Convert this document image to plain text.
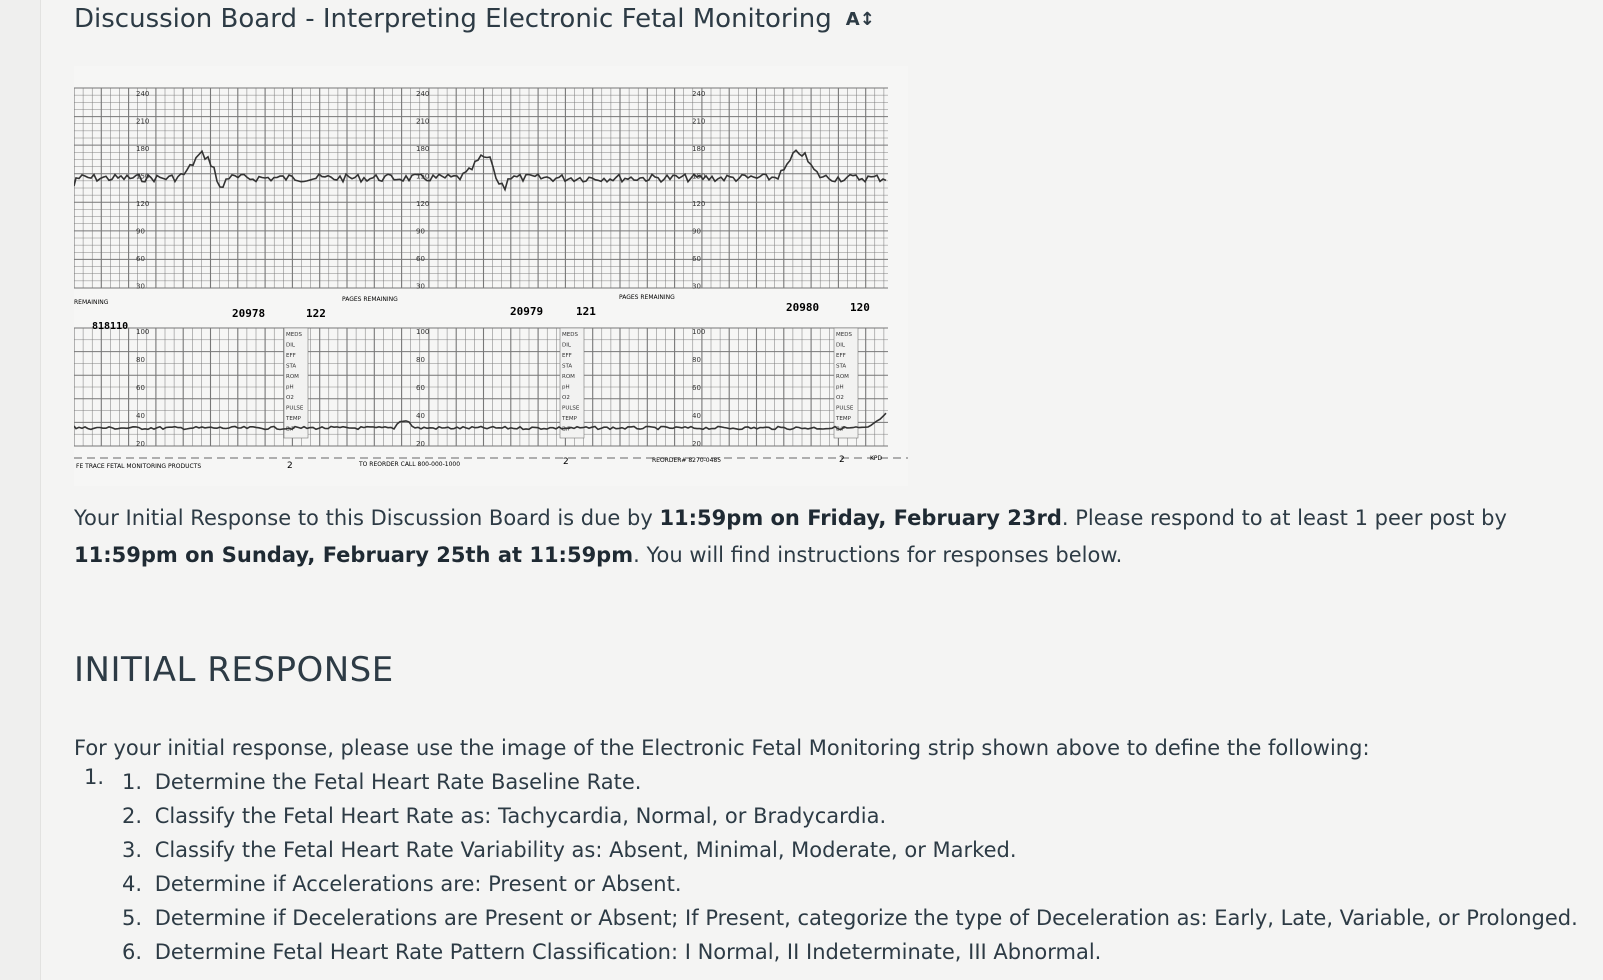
Discussion Board - Interpreting Electronic Fetal Monitoring A↕
240
210
180
150
120
90
60
30
100
80
60
40
20
240
210
180
150
120
90
60
30
100
80
60
40
20
240
210
180
150
120
90
60
30
100
80
60
40
20
MEDS
DIL
EFF
STA
ROM
pH
O2
PULSE
TEMP
B/P
MEDS
DIL
EFF
STA
ROM
pH
O2
PULSE
TEMP
B/P
MEDS
DIL
EFF
STA
ROM
pH
O2
PULSE
TEMP
B/P
20978	122	20979	121	20980	120
818110
REMAINING	PAGES REMAINING	PAGES REMAINING
FE TRACE FETAL MONITORING PRODUCTS	TO REORDER CALL 800-000-1000
REORDER# 8270-0485	KPD
2	2	2
Your Initial Response to this Discussion Board is due by 11:59pm on Friday, February 23rd. Please respond to at least 1 peer post by 11:59pm on Sunday, February 25th at 11:59pm. You will find instructions for responses below.
INITIAL RESPONSE

For your initial response, please use the image of the Electronic Fetal Monitoring strip shown above to define the following:

1. 1. Determine the Fetal Heart Rate Baseline Rate.
2. Classify the Fetal Heart Rate as: Tachycardia, Normal, or Bradycardia.
3. Classify the Fetal Heart Rate Variability as: Absent, Minimal, Moderate, or Marked.
4. Determine if Accelerations are: Present or Absent.
5. Determine if Decelerations are Present or Absent; If Present, categorize the type of Deceleration as: Early, Late, Variable, or Prolonged.
6. Determine Fetal Heart Rate Pattern Classification: I Normal, II Indeterminate, III Abnormal.
